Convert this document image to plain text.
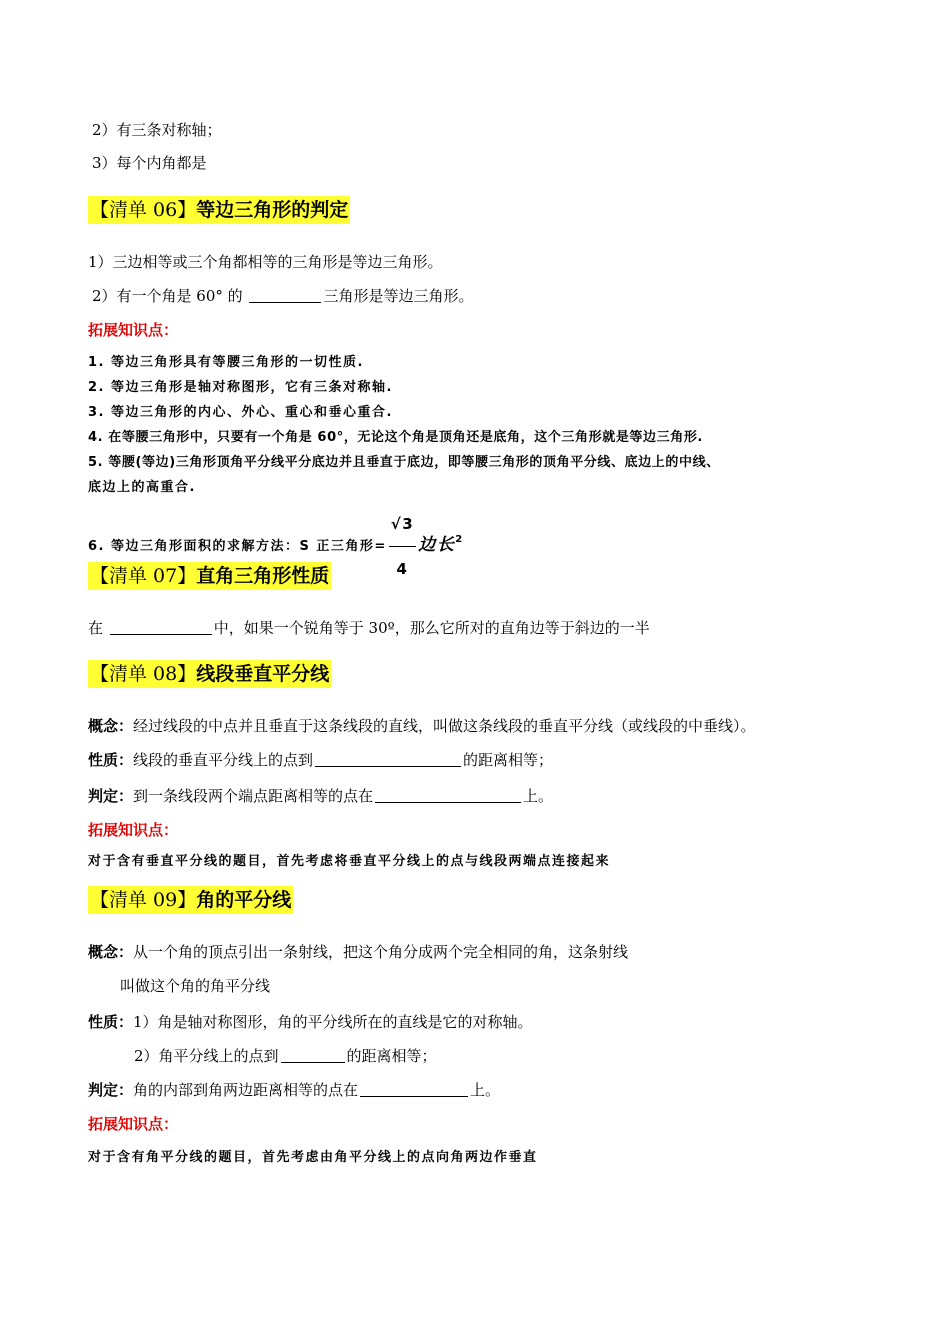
2）有三条对称轴；
3）每个内角都是
【清单 06】等边三角形的判定
1）三边相等或三个角都相等的三角形是等边三角形。
2）有一个角是 60° 的	三角形是等边三角形。
拓展知识点：
1. 等边三角形具有等腰三角形的一切性质.
2. 等边三角形是轴对称图形，它有三条对称轴.
3. 等边三角形的内心、外心、重心和垂心重合.
4. 在等腰三角形中，只要有一个角是 60°，无论这个角是顶角还是底角，这个三角形就是等边三角形.
5. 等腰(等边)三角形顶角平分线平分底边并且垂直于底边，即等腰三角形的顶角平分线、底边上的中线、
底边上的高重合.
6. 等边三角形面积的求解方法：S 正三角形= $\frac{√3}{4}$ 边长$^2$
【清单 07】直角三角形性质
在	中，如果一个锐角等于 30º，那么它所对的直角边等于斜边的一半
【清单 08】线段垂直平分线
概念：经过线段的中点并且垂直于这条线段的直线，叫做这条线段的垂直平分线（或线段的中垂线）。
性质：线段的垂直平分线上的点到	的距离相等；
判定：到一条线段两个端点距离相等的点在	上。
拓展知识点：
对于含有垂直平分线的题目，首先考虑将垂直平分线上的点与线段两端点连接起来
【清单 09】角的平分线
概念：从一个角的顶点引出一条射线，把这个角分成两个完全相同的角，这条射线
叫做这个角的角平分线
性质：1）角是轴对称图形，角的平分线所在的直线是它的对称轴。
2）角平分线上的点到	的距离相等；
判定：角的内部到角两边距离相等的点在	上。
拓展知识点：
对于含有角平分线的题目，首先考虑由角平分线上的点向角两边作垂直
